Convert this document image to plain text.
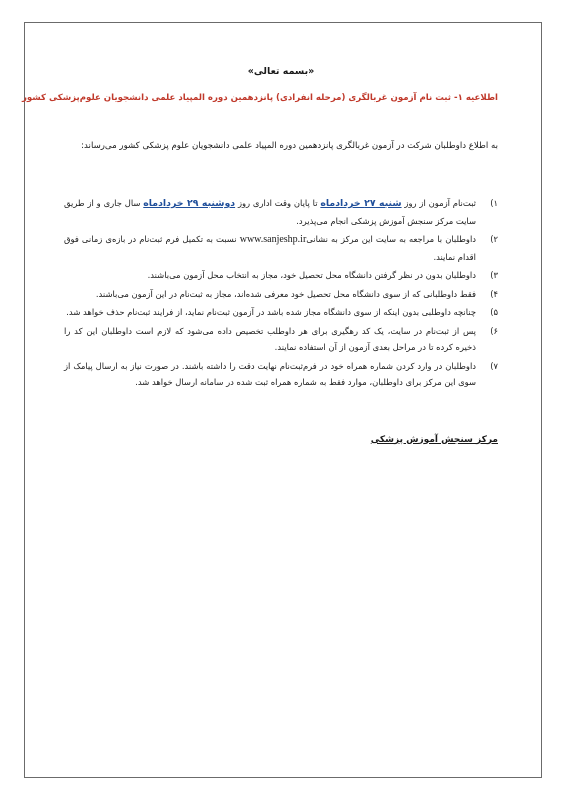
«بسمه تعالی»
اطلاعیه ۱- ثبت نام آزمون غربالگری (مرحله انفرادی) پانزدهمین دوره المپیاد علمی دانشجویان علوم‌پزشکی کشور
به اطلاع داوطلبان شرکت در آزمون غربالگری پانزدهمین دوره المپیاد علمی دانشجویان علوم پزشکی کشور می‌رساند:
۱)
ثبت‌نام آزمون از روز شنبه ۲۷ خردادماه تا پایان وقت اداری روز دوشنبه ۲۹ خردادماه سال جاری و از طریق سایت مرکز سنجش آموزش پزشکی انجام می‌پذیرد.
۲)
داوطلبان با مراجعه به سایت این مرکز به نشانیwww.sanjeshp.ir نسبت به تکمیل فرم ثبت‌نام در بازه‌ی زمانی فوق اقدام نمایند.
۳)
داوطلبان بدون در نظر گرفتن دانشگاه محل تحصیل خود، مجاز به انتخاب محل آزمون می‌باشند.
۴)
فقط داوطلبانی که از سوی دانشگاه محل تحصیل خود معرفی شده‌اند، مجاز به ثبت‌نام در این آزمون می‌باشند.
۵)
چنانچه داوطلبی بدون اینکه از سوی دانشگاه مجاز شده باشد در آزمون ثبت‌نام نماید، از فرایند ثبت‌نام حذف خواهد شد.
۶)
پس از ثبت‌نام در سایت، یک کد رهگیری برای هر داوطلب تخصیص داده می‌شود که لازم است داوطلبان این کد را ذخیره کرده تا در مراحل بعدی آزمون از آن استفاده نمایند.
۷)
داوطلبان در وارد کردن شماره همراه خود در فرم‌ثبت‌نام نهایت دقت را داشته باشند. در صورت نیاز به ارسال پیامک از سوی این مرکز برای داوطلبان، موارد فقط به شماره همراه ثبت شده در سامانه ارسال خواهد شد.
مرکز سنجش آموزش پزشکی
